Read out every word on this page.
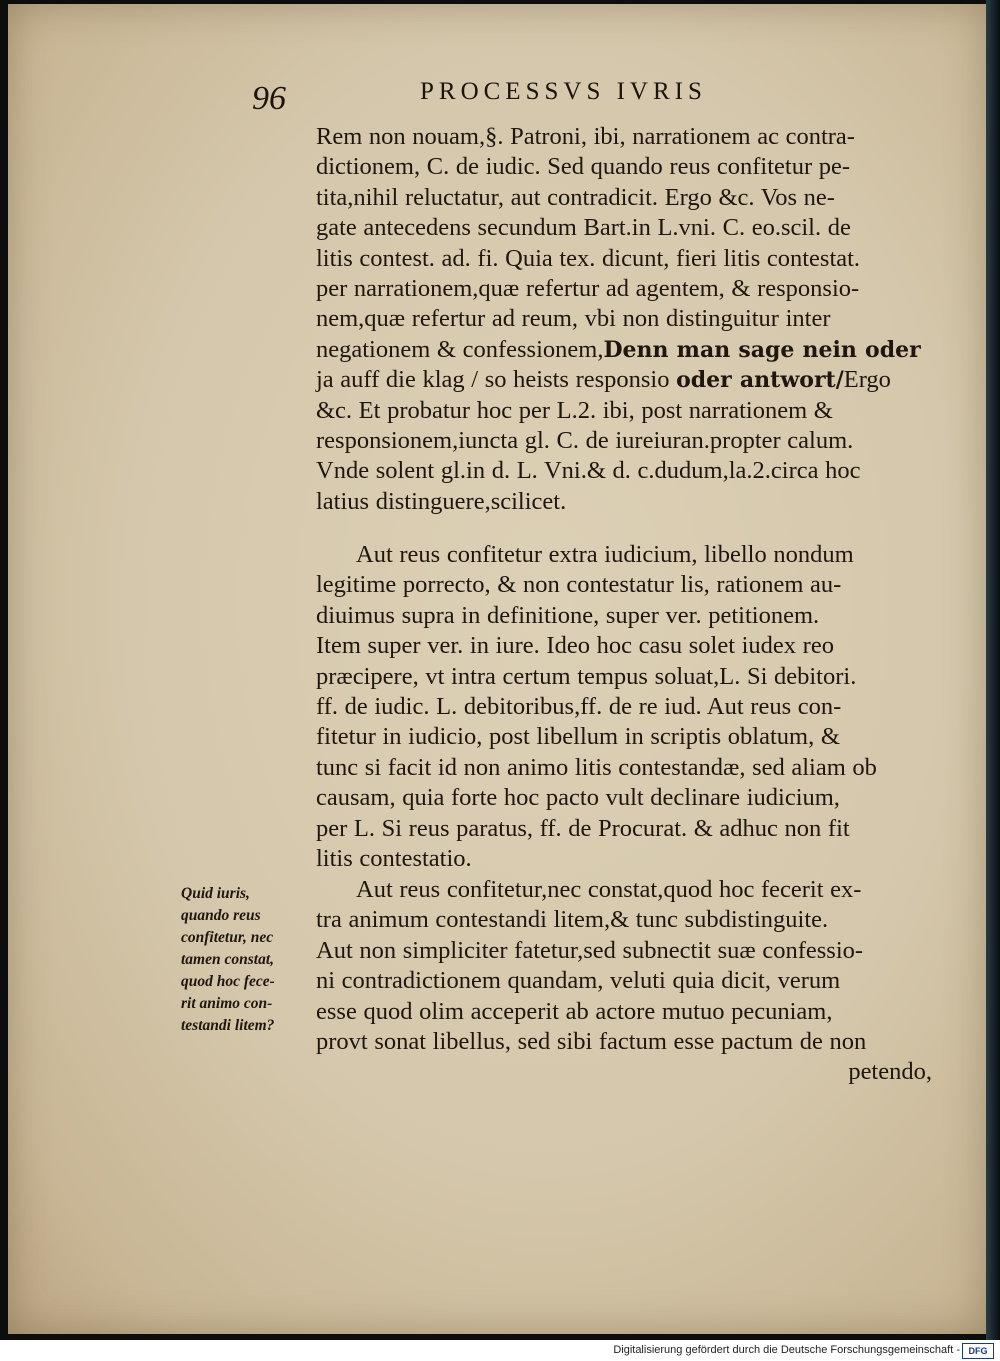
96	PROCESSVS IVRIS
Rem non nouam,§. Patroni, ibi, narrationem ac contra-
dictionem, C. de iudic. Sed quando reus confitetur pe-
tita,nihil reluctatur, aut contradicit. Ergo &c. Vos ne-
gate antecedens secundum Bart.in L.vni. C. eo.scil. de
litis contest. ad. fi. Quia tex. dicunt, fieri litis contestat.
per narrationem,quæ refertur ad agentem, & responsio-
nem,quæ refertur ad reum, vbi non distinguitur inter
negationem & confessionem,Denn man sage nein oder
ja auff die klag / so heists responsio oder antwort/Ergo
&c. Et probatur hoc per L.2. ibi, post narrationem &
responsionem,iuncta gl. C. de iureiuran.propter calum.
Vnde solent gl.in d. L. Vni.& d. c.dudum,la.2.circa hoc
latius distinguere,scilicet.
Aut reus confitetur extra iudicium, libello nondum
legitime porrecto, & non contestatur lis, rationem au-
diuimus supra in definitione, super ver. petitionem.
Item super ver. in iure. Ideo hoc casu solet iudex reo
præcipere, vt intra certum tempus soluat,L. Si debitori.
ff. de iudic. L. debitoribus,ff. de re iud. Aut reus con-
fitetur in iudicio, post libellum in scriptis oblatum, &
tunc si facit id non animo litis contestandæ, sed aliam ob
causam, quia forte hoc pacto vult declinare iudicium,
per L. Si reus paratus, ff. de Procurat. & adhuc non fit
litis contestatio.
Aut reus confitetur,nec constat,quod hoc fecerit ex-
tra animum contestandi litem,& tunc subdistinguite.
Aut non simpliciter fatetur,sed subnectit suæ confessio-
ni contradictionem quandam, veluti quia dicit, verum
esse quod olim acceperit ab actore mutuo pecuniam,
provt sonat libellus, sed sibi factum esse pactum de non
petendo,
Quid iuris,
quando reus
confitetur, nec
tamen constat,
quod hoc fece-
rit animo con-
testandi litem?
Digitalisierung gefördert durch die Deutsche Forschungsgemeinschaft - DFG
